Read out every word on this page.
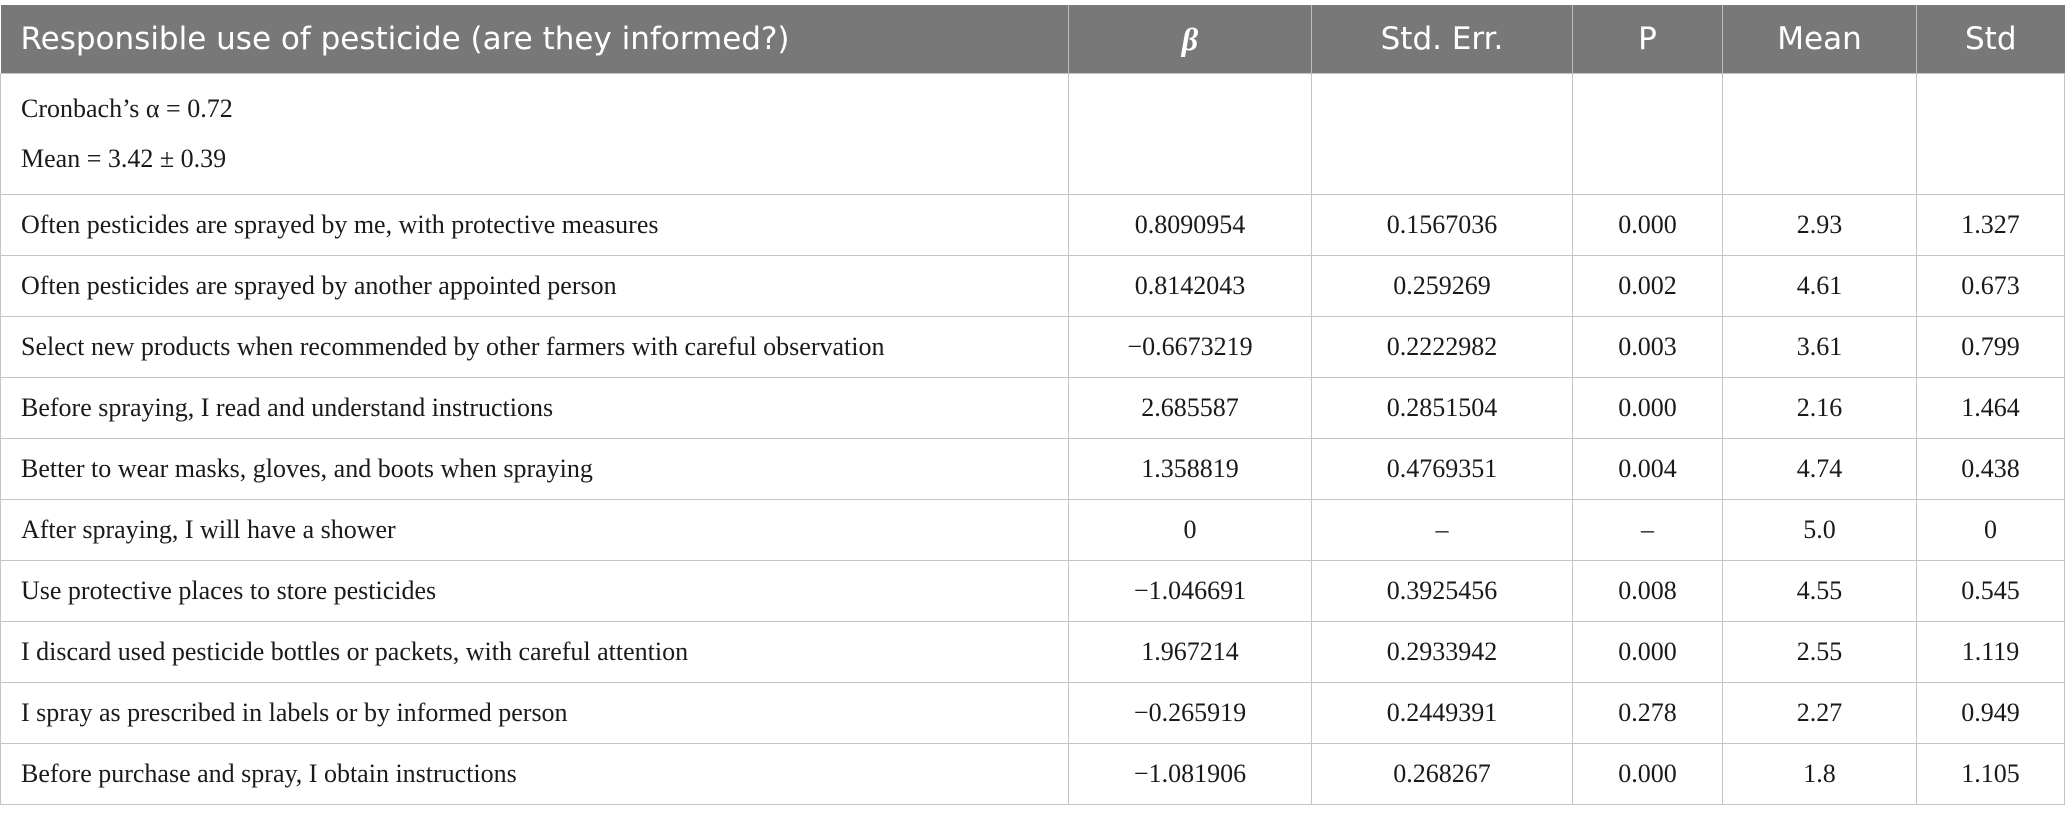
Responsible use of pesticide (are they informed?)	β	Std. Err.	P	Mean	Std

Cronbach’s α = 0.72
Mean = 3.42 ± 0.39					

Often pesticides are sprayed by me, with protective measures	0.8090954	0.1567036	0.000	2.93	1.327
Often pesticides are sprayed by another appointed person	0.8142043	0.259269	0.002	4.61	0.673
Select new products when recommended by other farmers with careful observation	−0.6673219	0.2222982	0.003	3.61	0.799
Before spraying, I read and understand instructions	2.685587	0.2851504	0.000	2.16	1.464
Better to wear masks, gloves, and boots when spraying	1.358819	0.4769351	0.004	4.74	0.438
After spraying, I will have a shower	0	–	–	5.0	0
Use protective places to store pesticides	−1.046691	0.3925456	0.008	4.55	0.545
I discard used pesticide bottles or packets, with careful attention	1.967214	0.2933942	0.000	2.55	1.119
I spray as prescribed in labels or by informed person	−0.265919	0.2449391	0.278	2.27	0.949
Before purchase and spray, I obtain instructions	−1.081906	0.268267	0.000	1.8	1.105
